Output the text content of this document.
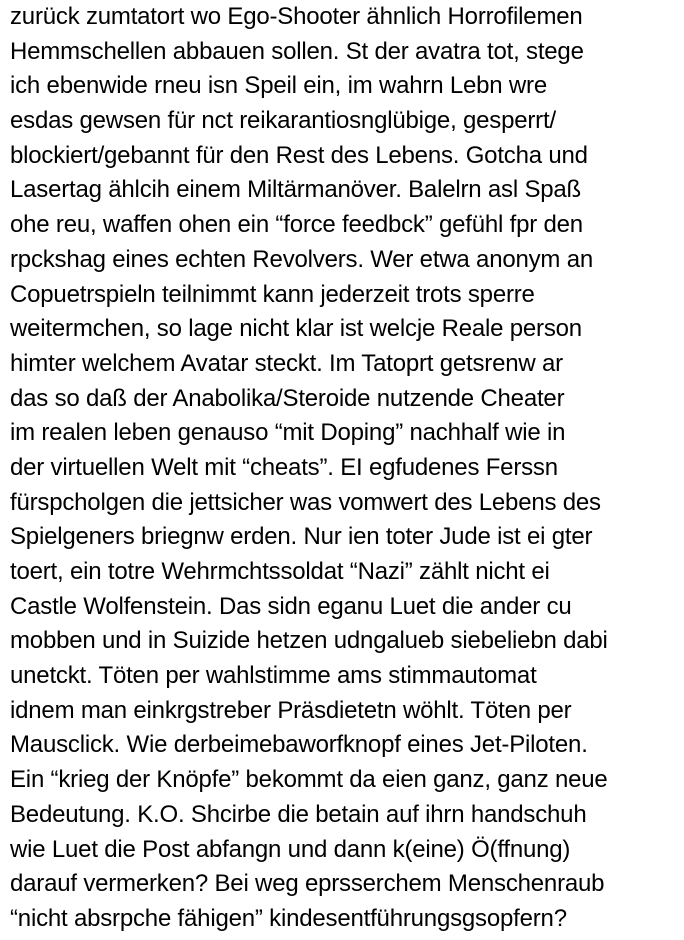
zurück zumtatort wo Ego-Shooter ähnlich Horrofilemen
Hemmschellen abbauen sollen. St der avatra tot, stege
ich ebenwide rneu isn Speil ein, im wahrn Lebn wre
esdas gewsen für nct reikarantiosnglübige, gesperrt/
blockiert/gebannt für den Rest des Lebens. Gotcha und
Lasertag ählcih einem Miltärmanöver. Balelrn asl Spaß
ohe reu, waffen ohen ein “force feedbck” gefühl fpr den
rpckshag eines echten Revolvers. Wer etwa anonym an
Copuetrspieln teilnimmt kann jederzeit trots sperre
weitermchen, so lage nicht klar ist welcje Reale person
himter welchem Avatar steckt. Im Tatoprt getsrenw ar
das so daß der Anabolika/Steroide nutzende Cheater
im realen leben genauso “mit Doping” nachhalf wie in
der virtuellen Welt mit “cheats”. EI egfudenes Ferssn
fürspcholgen die jettsicher was vomwert des Lebens des
Spielgeners briegnw erden. Nur ien toter Jude ist ei gter
toert, ein totre Wehrmchtssoldat “Nazi” zählt nicht ei
Castle Wolfenstein. Das sidn eganu Luet die ander cu
mobben und in Suizide hetzen udngalueb siebeliebn dabi
unetckt. Töten per wahlstimme ams stimmautomat
idnem man einkrgstreber Präsdietetn wöhlt. Töten per
Mausclick. Wie derbeimebaworfknopf eines Jet-Piloten.
Ein “krieg der Knöpfe” bekommt da eien ganz, ganz neue
Bedeutung. K.O. Shcirbe die betain auf ihrn handschuh
wie Luet die Post abfangn und dann k(eine) Ö(ffnung)
darauf vermerken? Bei weg eprsserchem Menschenraub
“nicht absrpche fähigen” kindesentführungsgsopfern?
